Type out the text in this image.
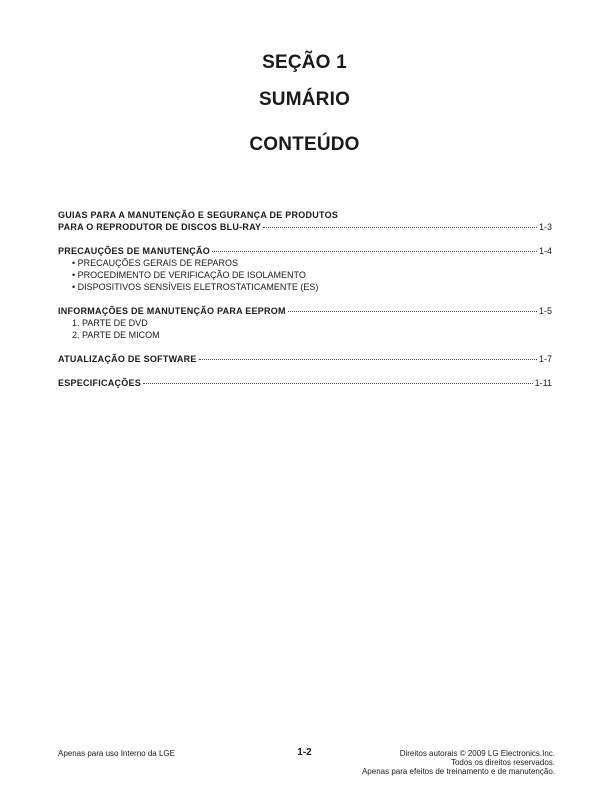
SEÇÃO 1
SUMÁRIO
CONTEÚDO
GUIAS PARA A MANUTENÇÃO E SEGURANÇA DE PRODUTOS
PARA O REPRODUTOR DE DISCOS BLU-RAY	1-3
PRECAUÇÕES DE MANUTENÇÃO	1-4
• PRECAUÇÕES GERAIS DE REPAROS
• PROCEDIMENTO DE VERIFICAÇÃO DE ISOLAMENTO
• DISPOSITIVOS SENSÍVEIS ELETROSTATICAMENTE (ES)
INFORMAÇÕES DE MANUTENÇÃO PARA EEPROM	1-5
1. PARTE DE DVD
2. PARTE DE MICOM
ATUALIZAÇÃO DE SOFTWARE	1-7
ESPECIFICAÇÕES	1-11
Apenas para uso Interno da LGE	1-2	Direitos autorais © 2009 LG Electronics.Inc.
Todos os direitos reservados.
Apenas para efeitos de treinamento e de manutenção.
